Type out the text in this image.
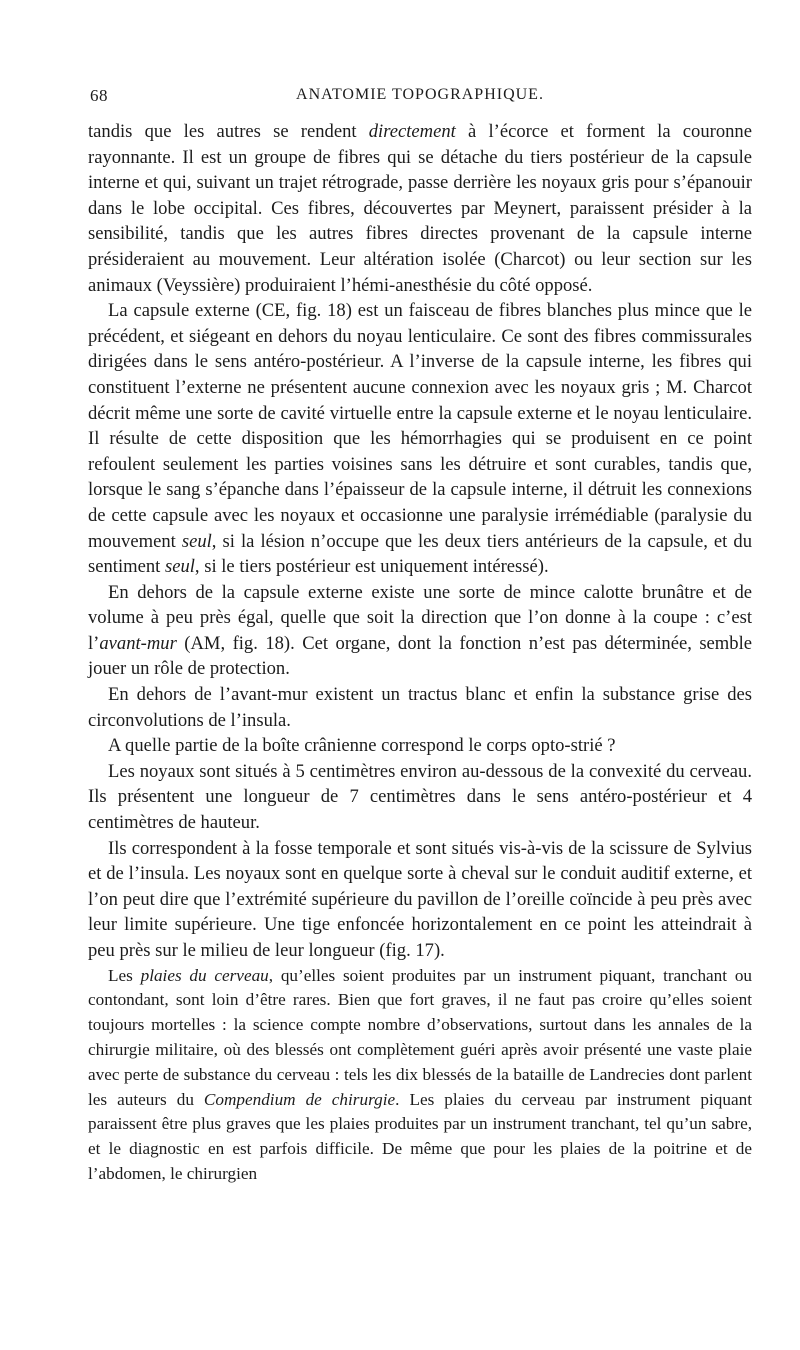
68	ANATOMIE TOPOGRAPHIQUE.

tandis que les autres se rendent directement à l’écorce et forment la couronne rayonnante. Il est un groupe de fibres qui se détache du tiers postérieur de la capsule interne et qui, suivant un trajet rétrograde, passe derrière les noyaux gris pour s’épanouir dans le lobe occipital. Ces fibres, découvertes par Meynert, paraissent présider à la sensibilité, tandis que les autres fibres directes provenant de la capsule interne présideraient au mouvement. Leur altération isolée (Charcot) ou leur section sur les animaux (Veyssière) produiraient l’hémi-anesthésie du côté opposé.

La capsule externe (CE, fig. 18) est un faisceau de fibres blanches plus mince que le précédent, et siégeant en dehors du noyau lenticulaire. Ce sont des fibres commissurales dirigées dans le sens antéro-postérieur. A l’inverse de la capsule interne, les fibres qui constituent l’externe ne présentent aucune connexion avec les noyaux gris ; M. Charcot décrit même une sorte de cavité virtuelle entre la capsule externe et le noyau lenticulaire. Il résulte de cette disposition que les hémorrhagies qui se produisent en ce point refoulent seulement les parties voisines sans les détruire et sont curables, tandis que, lorsque le sang s’épanche dans l’épaisseur de la capsule interne, il détruit les connexions de cette capsule avec les noyaux et occasionne une paralysie irrémédiable (paralysie du mouvement seul, si la lésion n’occupe que les deux tiers antérieurs de la capsule, et du sentiment seul, si le tiers postérieur est uniquement intéressé).

En dehors de la capsule externe existe une sorte de mince calotte brunâtre et de volume à peu près égal, quelle que soit la direction que l’on donne à la coupe : c’est l’avant-mur (AM, fig. 18). Cet organe, dont la fonction n’est pas déterminée, semble jouer un rôle de protection.

En dehors de l’avant-mur existent un tractus blanc et enfin la substance grise des circonvolutions de l’insula.

A quelle partie de la boîte crânienne correspond le corps opto-strié ?

Les noyaux sont situés à 5 centimètres environ au-dessous de la convexité du cerveau. Ils présentent une longueur de 7 centimètres dans le sens antéro-postérieur et 4 centimètres de hauteur.

Ils correspondent à la fosse temporale et sont situés vis-à-vis de la scissure de Sylvius et de l’insula. Les noyaux sont en quelque sorte à cheval sur le conduit auditif externe, et l’on peut dire que l’extrémité supérieure du pavillon de l’oreille coïncide à peu près avec leur limite supérieure. Une tige enfoncée horizontalement en ce point les atteindrait à peu près sur le milieu de leur longueur (fig. 17).

Les plaies du cerveau, qu’elles soient produites par un instrument piquant, tranchant ou contondant, sont loin d’être rares. Bien que fort graves, il ne faut pas croire qu’elles soient toujours mortelles : la science compte nombre d’observations, surtout dans les annales de la chirurgie militaire, où des blessés ont complètement guéri après avoir présenté une vaste plaie avec perte de substance du cerveau : tels les dix blessés de la bataille de Landrecies dont parlent les auteurs du Compendium de chirurgie. Les plaies du cerveau par instrument piquant paraissent être plus graves que les plaies produites par un instrument tranchant, tel qu’un sabre, et le diagnostic en est parfois difficile. De même que pour les plaies de la poitrine et de l’abdomen, le chirurgien
